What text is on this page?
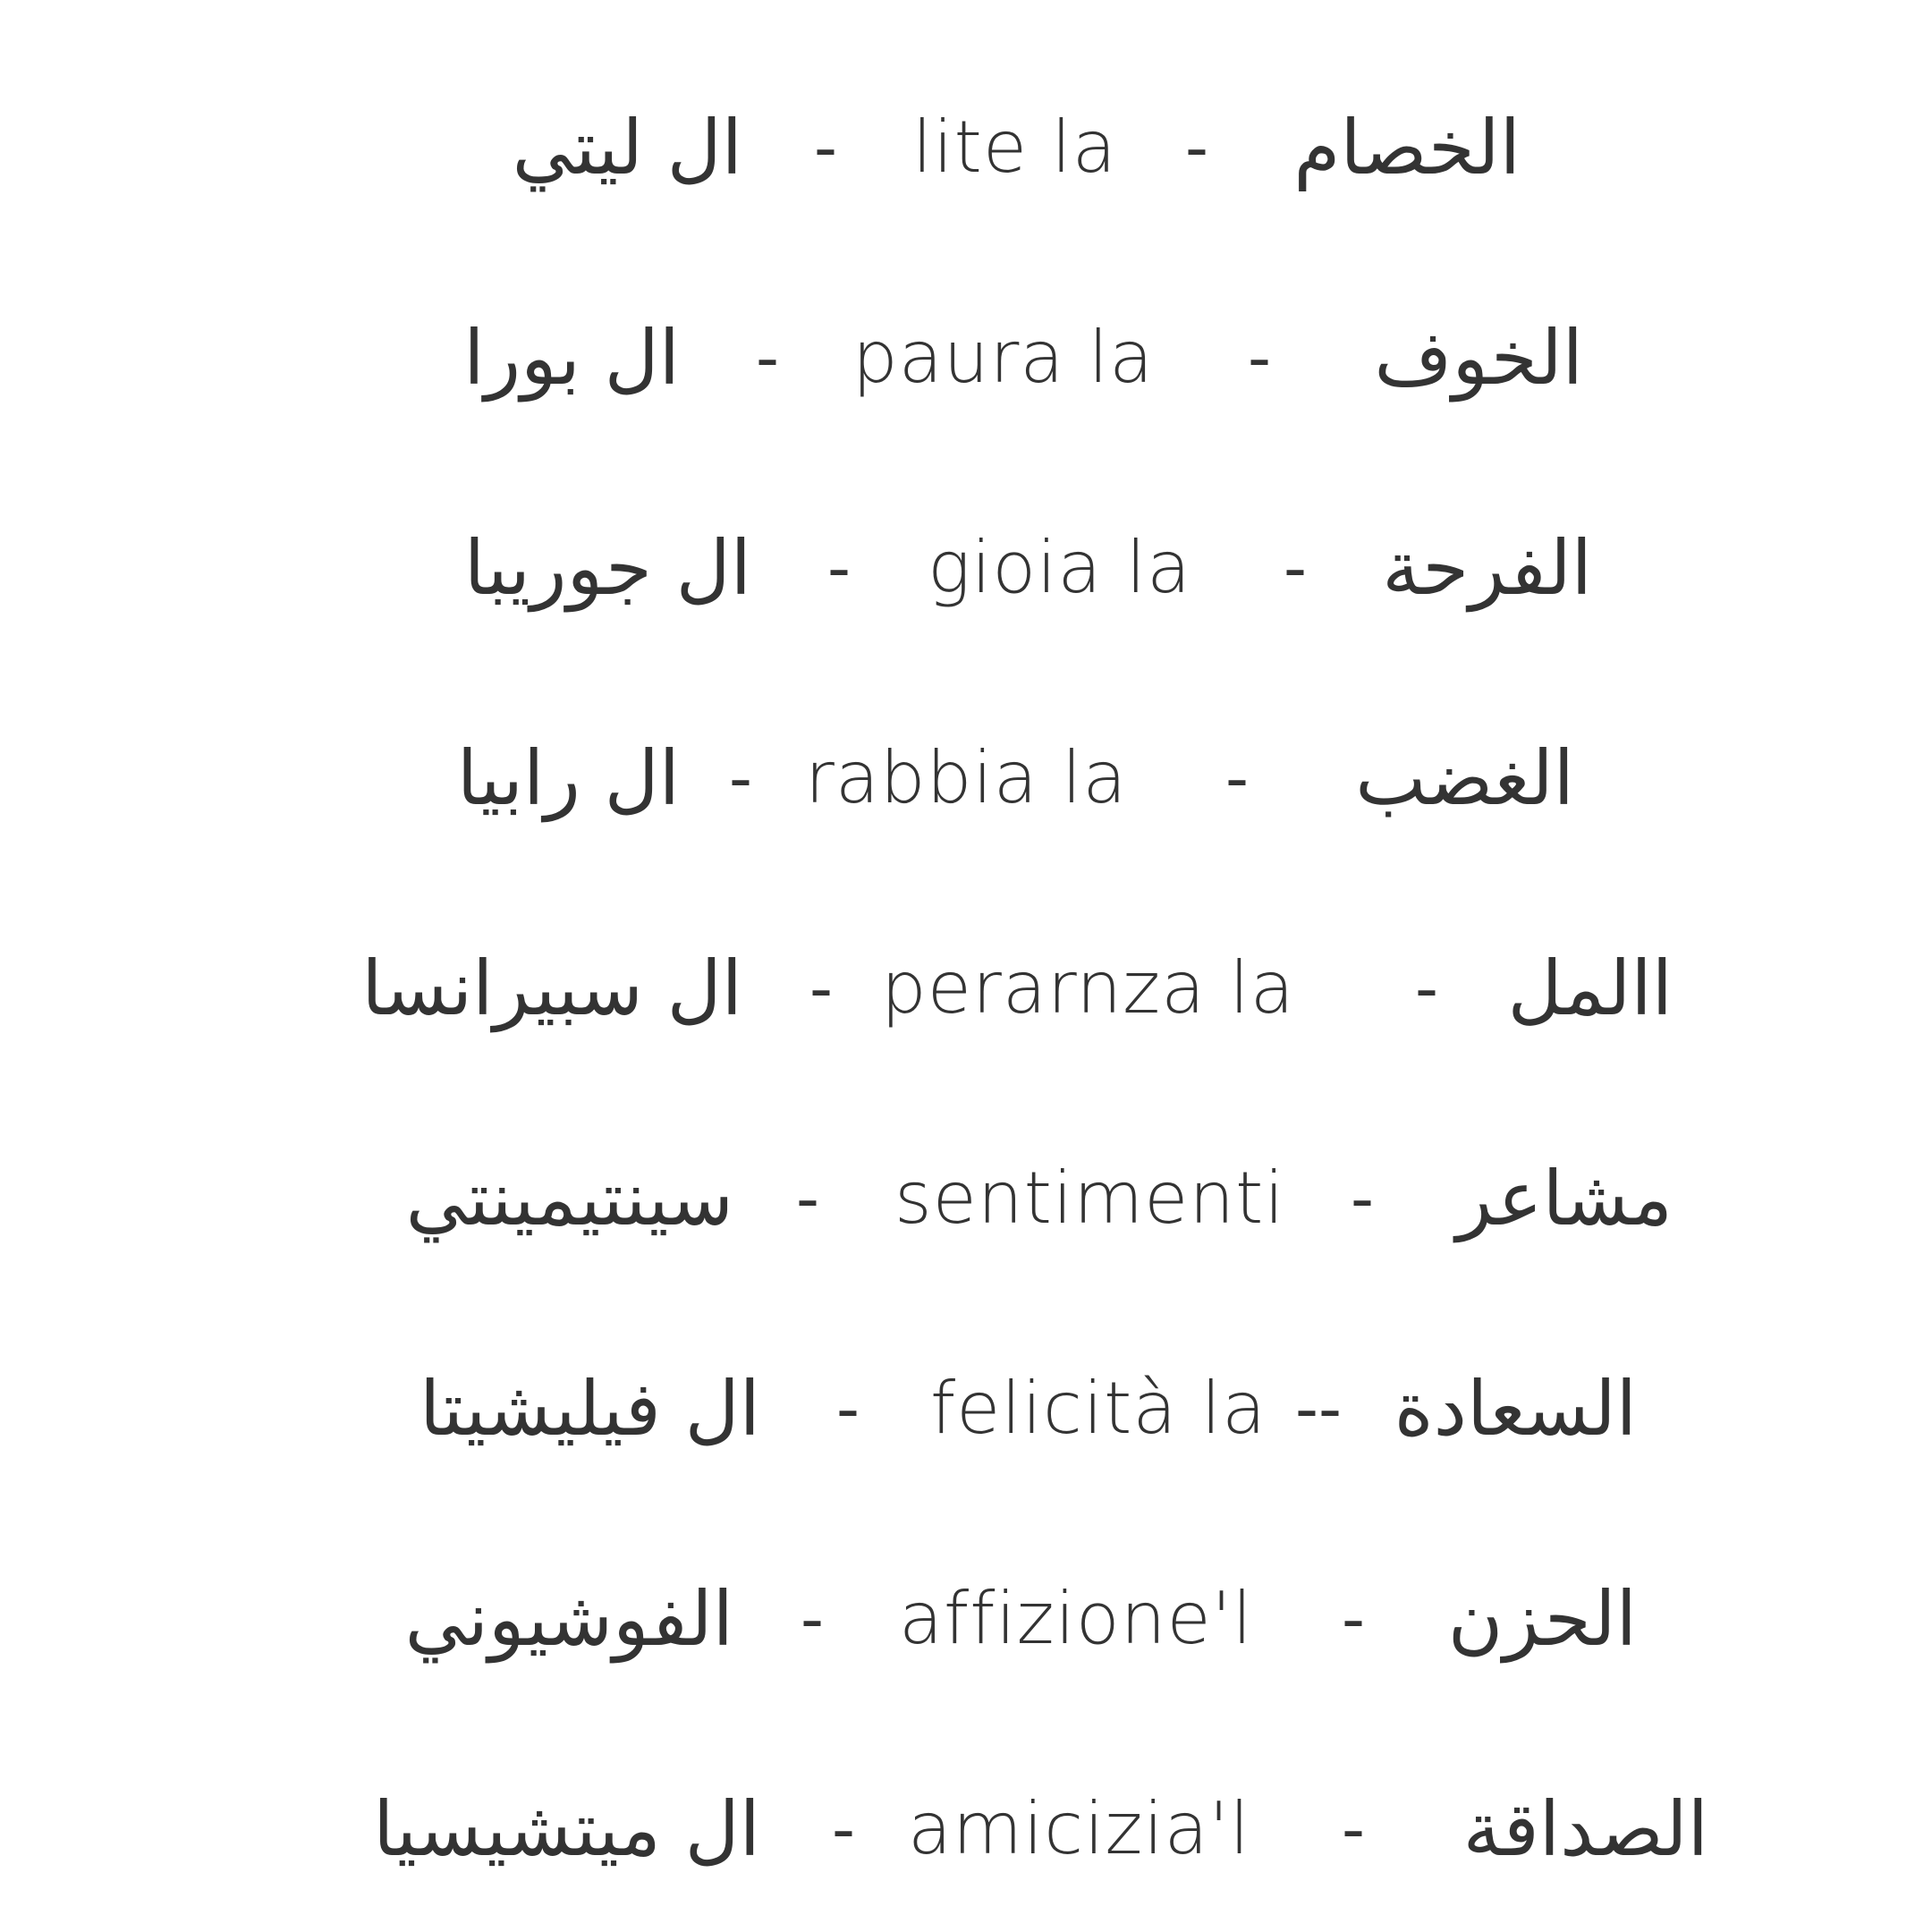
ال ليتي - lite la	-	الخصام
ال بورا - paura la	-	الخوف
ال جوريبا - gioia la	-	الفرحة
ال رابيا - rabbia la	-	الغضب
ال سبيرانسا - perarnza la - االمل
سينتيمينتي - sentimenti -	مشاعر
ال فيليشيتا - felicità la -- السعادة
الفوشيوني - affizione'l	-	الحزن
ال ميتشيسيا - amicizia'l -	الصداقة
